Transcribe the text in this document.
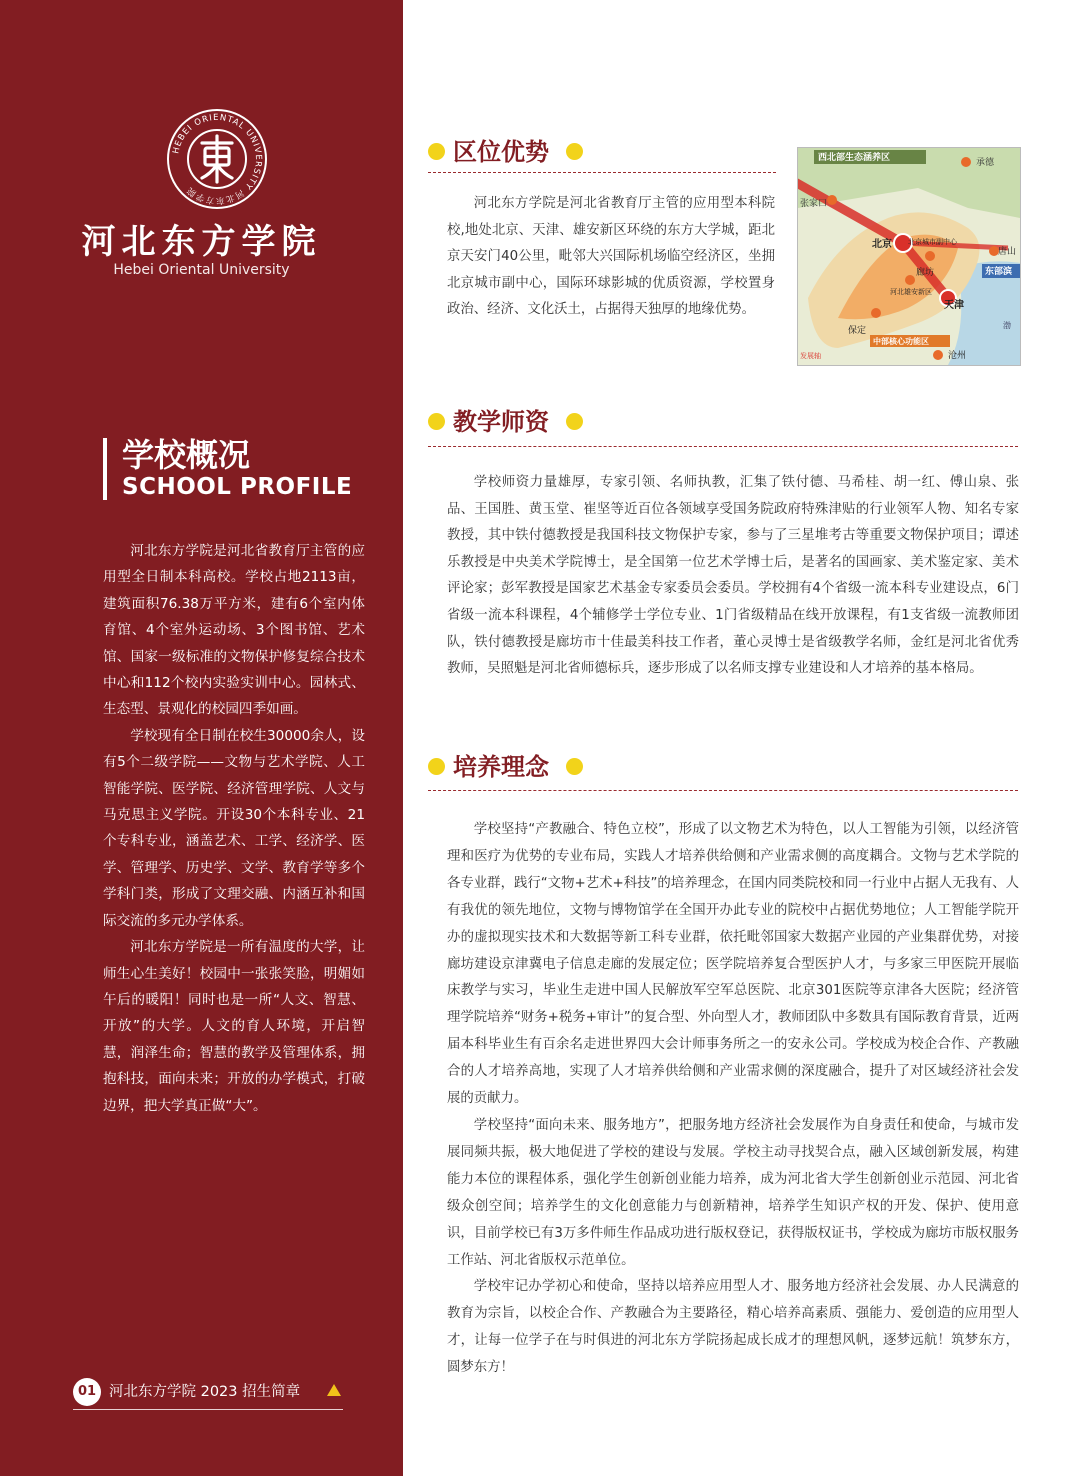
HEBEI ORIENTAL UNIVERSITY 河北东方学院
河北东方学院
Hebei Oriental University
学校概况
SCHOOL PROFILE

河北东方学院是河北省教育厅主管的应用型全日制本科高校。学校占地2113亩，建筑面积76.38万平方米，建有6个室内体育馆、4个室外运动场、3个图书馆、艺术馆、国家一级标准的文物保护修复综合技术中心和112个校内实验实训中心。园林式、生态型、景观化的校园四季如画。

学校现有全日制在校生30000余人，设有5个二级学院——文物与艺术学院、人工智能学院、医学院、经济管理学院、人文与马克思主义学院。开设30个本科专业、21个专科专业，涵盖艺术、工学、经济学、医学、管理学、历史学、文学、教育学等多个学科门类，形成了文理交融、内涵互补和国际交流的多元办学体系。

河北东方学院是一所有温度的大学，让师生心生美好！校园中一张张笑脸，明媚如午后的暖阳！同时也是一所“人文、智慧、开放”的大学。人文的育人环境，开启智慧，润泽生命；智慧的教学及管理体系，拥抱科技，面向未来；开放的办学模式，打破边界，把大学真正做“大”。

01 河北东方学院 2023 招生简章
区位优势

河北东方学院是河北省教育厅主管的应用型本科院校,地处北京、天津、雄安新区环绕的东方大学城，距北京天安门40公里，毗邻大兴国际机场临空经济区，坐拥北京城市副中心，国际环球影城的优质资源，学校置身政治、经济、文化沃土，占据得天独厚的地缘优势。

西北部生态涵养区	承德
张家口
北京 北京城市副中心
唐山
廊坊
天津
河北雄安新区
东部滨
保定
中部核心功能区
沧州
发展轴
渤
教学师资

学校师资力量雄厚，专家引领、名师执教，汇集了铁付德、马希桂、胡一红、傅山泉、张品、王国胜、黄玉堂、崔坚等近百位各领域享受国务院政府特殊津贴的行业领军人物、知名专家教授，其中铁付德教授是我国科技文物保护专家，参与了三星堆考古等重要文物保护项目；谭述乐教授是中央美术学院博士，是全国第一位艺术学博士后，是著名的国画家、美术鉴定家、美术评论家；彭军教授是国家艺术基金专家委员会委员。学校拥有4个省级一流本科专业建设点，6门省级一流本科课程，4个辅修学士学位专业、1门省级精品在线开放课程，有1支省级一流教师团队，铁付德教授是廊坊市十佳最美科技工作者，董心灵博士是省级教学名师，金红是河北省优秀教师，吴照魁是河北省师德标兵，逐步形成了以名师支撑专业建设和人才培养的基本格局。

培养理念

学校坚持“产教融合、特色立校”，形成了以文物艺术为特色，以人工智能为引领，以经济管理和医疗为优势的专业布局，实践人才培养供给侧和产业需求侧的高度耦合。文物与艺术学院的各专业群，践行“文物+艺术+科技”的培养理念，在国内同类院校和同一行业中占据人无我有、人有我优的领先地位，文物与博物馆学在全国开办此专业的院校中占据优势地位；人工智能学院开办的虚拟现实技术和大数据等新工科专业群，依托毗邻国家大数据产业园的产业集群优势，对接廊坊建设京津冀电子信息走廊的发展定位；医学院培养复合型医护人才，与多家三甲医院开展临床教学与实习，毕业生走进中国人民解放军空军总医院、北京301医院等京津各大医院；经济管理学院培养“财务+税务+审计”的复合型、外向型人才，教师团队中多数具有国际教育背景，近两届本科毕业生有百余名走进世界四大会计师事务所之一的安永公司。学校成为校企合作、产教融合的人才培养高地，实现了人才培养供给侧和产业需求侧的深度融合，提升了对区域经济社会发展的贡献力。

学校坚持“面向未来、服务地方”，把服务地方经济社会发展作为自身责任和使命，与城市发展同频共振，极大地促进了学校的建设与发展。学校主动寻找契合点，融入区域创新发展，构建能力本位的课程体系，强化学生创新创业能力培养，成为河北省大学生创新创业示范园、河北省级众创空间；培养学生的文化创意能力与创新精神，培养学生知识产权的开发、保护、使用意识，目前学校已有3万多件师生作品成功进行版权登记，获得版权证书，学校成为廊坊市版权服务工作站、河北省版权示范单位。

学校牢记办学初心和使命，坚持以培养应用型人才、服务地方经济社会发展、办人民满意的教育为宗旨，以校企合作、产教融合为主要路径，精心培养高素质、强能力、爱创造的应用型人才，让每一位学子在与时俱进的河北东方学院扬起成长成才的理想风帆，逐梦远航！筑梦东方，圆梦东方！
